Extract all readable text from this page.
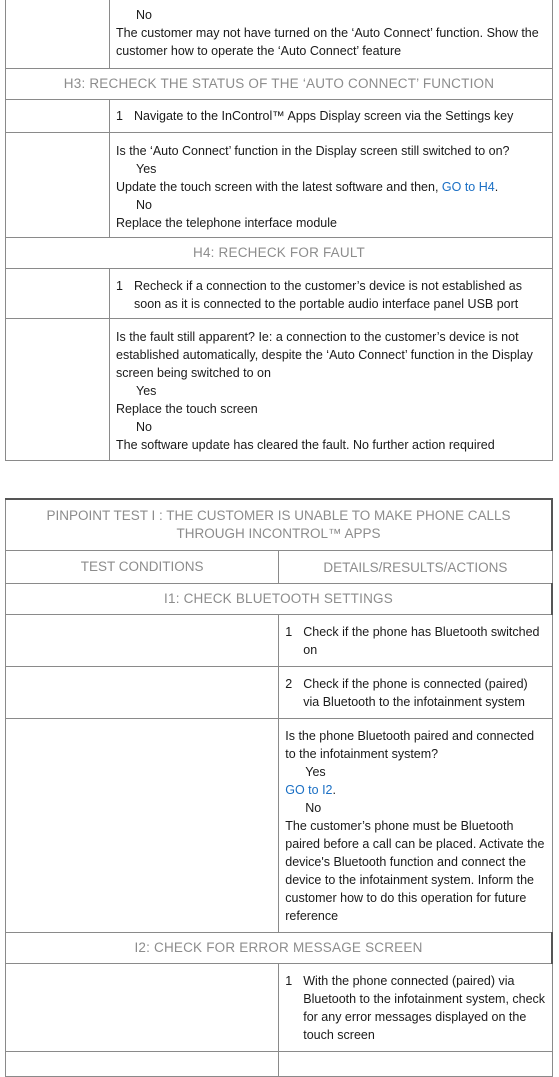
	No
The customer may not have turned on the ‘Auto Connect’ function. Show the customer how to operate the ‘Auto Connect’ feature

H3: RECHECK THE STATUS OF THE ‘AUTO CONNECT’ FUNCTION	

	1 Navigate to the InControl™ Apps Display screen via the Settings key

	Is the ‘Auto Connect’ function in the Display screen still switched to on?
Yes
Update the touch screen with the latest software and then, GO to H4.
No
Replace the telephone interface module

H4: RECHECK FOR FAULT	

	1 Recheck if a connection to the customer’s device is not established as soon as it is connected to the portable audio interface panel USB port

	Is the fault still apparent? Ie: a connection to the customer’s device is not established automatically, despite the ‘Auto Connect’ function in the Display screen being switched to on
Yes
Replace the touch screen
No
The software update has cleared the fault. No further action required
PINPOINT TEST I : THE CUSTOMER IS UNABLE TO MAKE PHONE CALLS THROUGH INCONTROL™ APPS	
TEST CONDITIONS	DETAILS/RESULTS/ACTIONS
I1: CHECK BLUETOOTH SETTINGS	

	1 Check if the phone has Bluetooth switched on

	2 Check if the phone is connected (paired) via Bluetooth to the infotainment system

	Is the phone Bluetooth paired and connected to the infotainment system?
Yes
GO to I2.
No
The customer’s phone must be Bluetooth paired before a call can be placed. Activate the device's Bluetooth function and connect the device to the infotainment system. Inform the customer how to do this operation for future reference

I2: CHECK FOR ERROR MESSAGE SCREEN	

	1 With the phone connected (paired) via Bluetooth to the infotainment system, check for any error messages displayed on the touch screen
